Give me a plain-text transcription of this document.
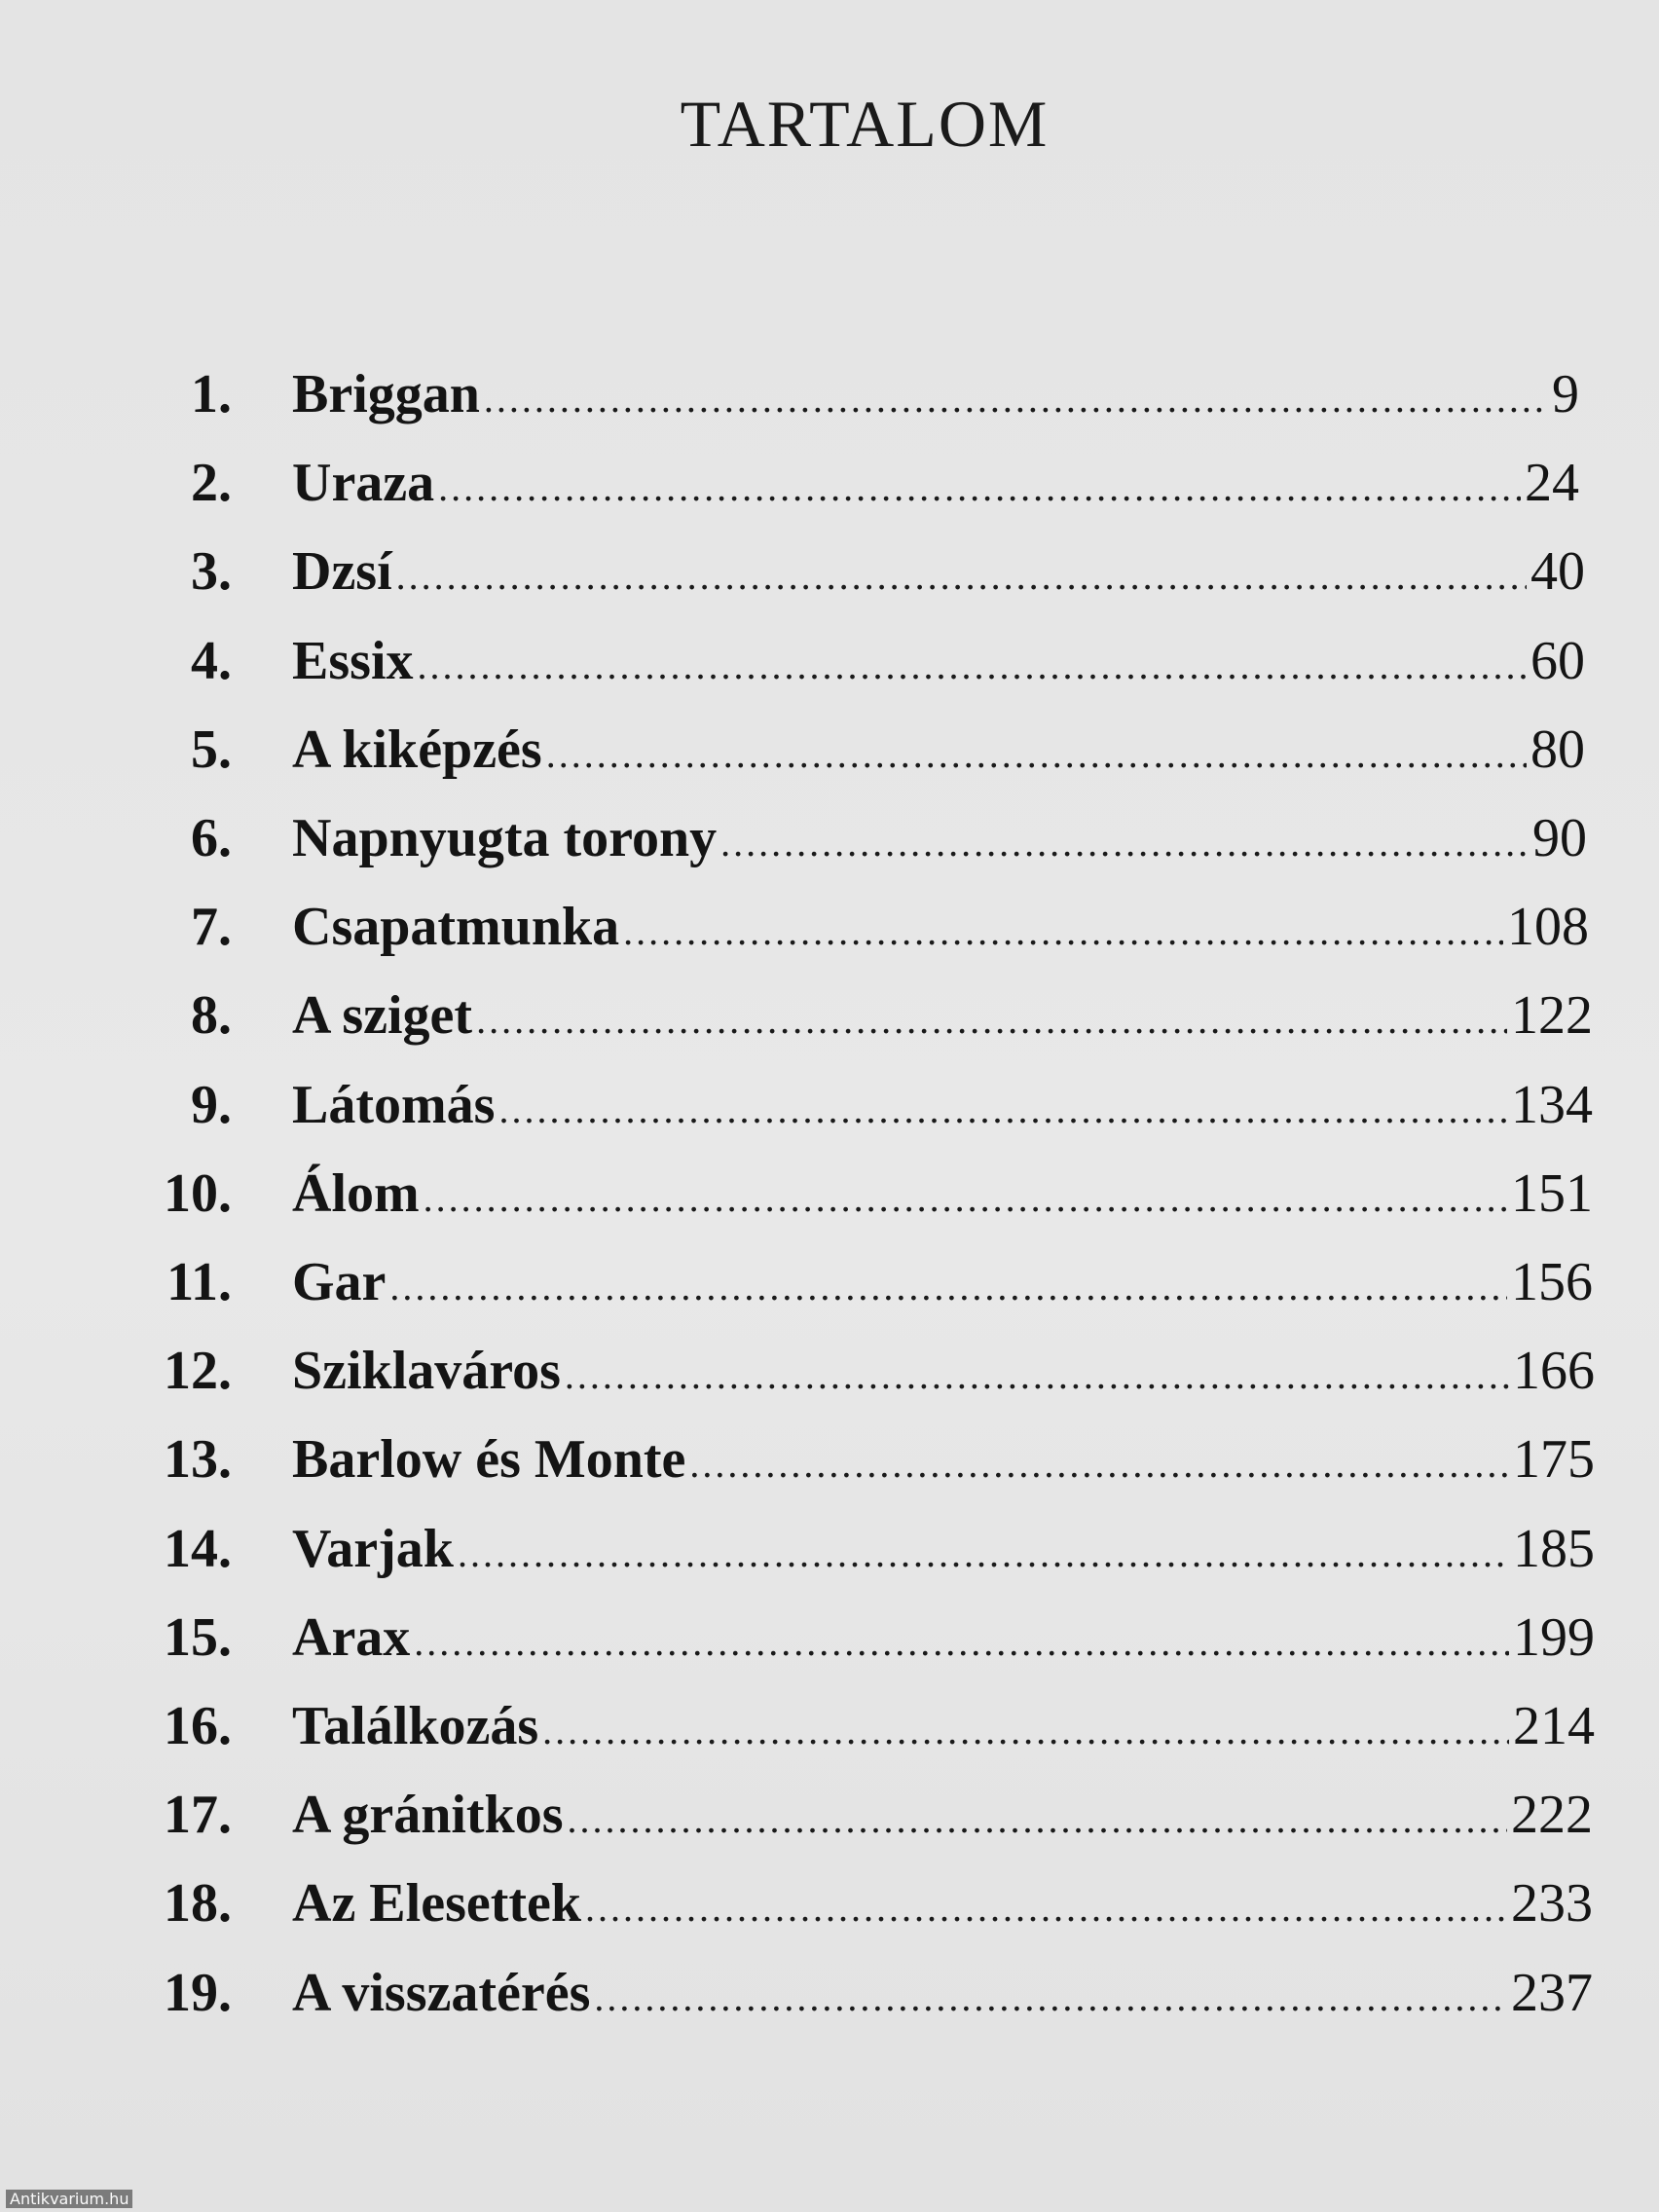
TARTALOM
1. Briggan .....	9
2. Uraza .....	24
3. Dzsí .....	40
4. Essix .....	60
5. A kiképzés .....	80
6. Napnyugta torony .....	90
7. Csapatmunka .....	108
8. A sziget .....	122
9. Látomás .....	134
10. Álom .....	151
11. Gar .....	156
12. Sziklaváros .....	166
13. Barlow és Monte .....	175
14. Varjak .....	185
15. Arax .....	199
16. Találkozás .....	214
17. A gránitkos .....	222
18. Az Elesettek .....	233
19. A visszatérés .....	237
Antikvarium.hu
